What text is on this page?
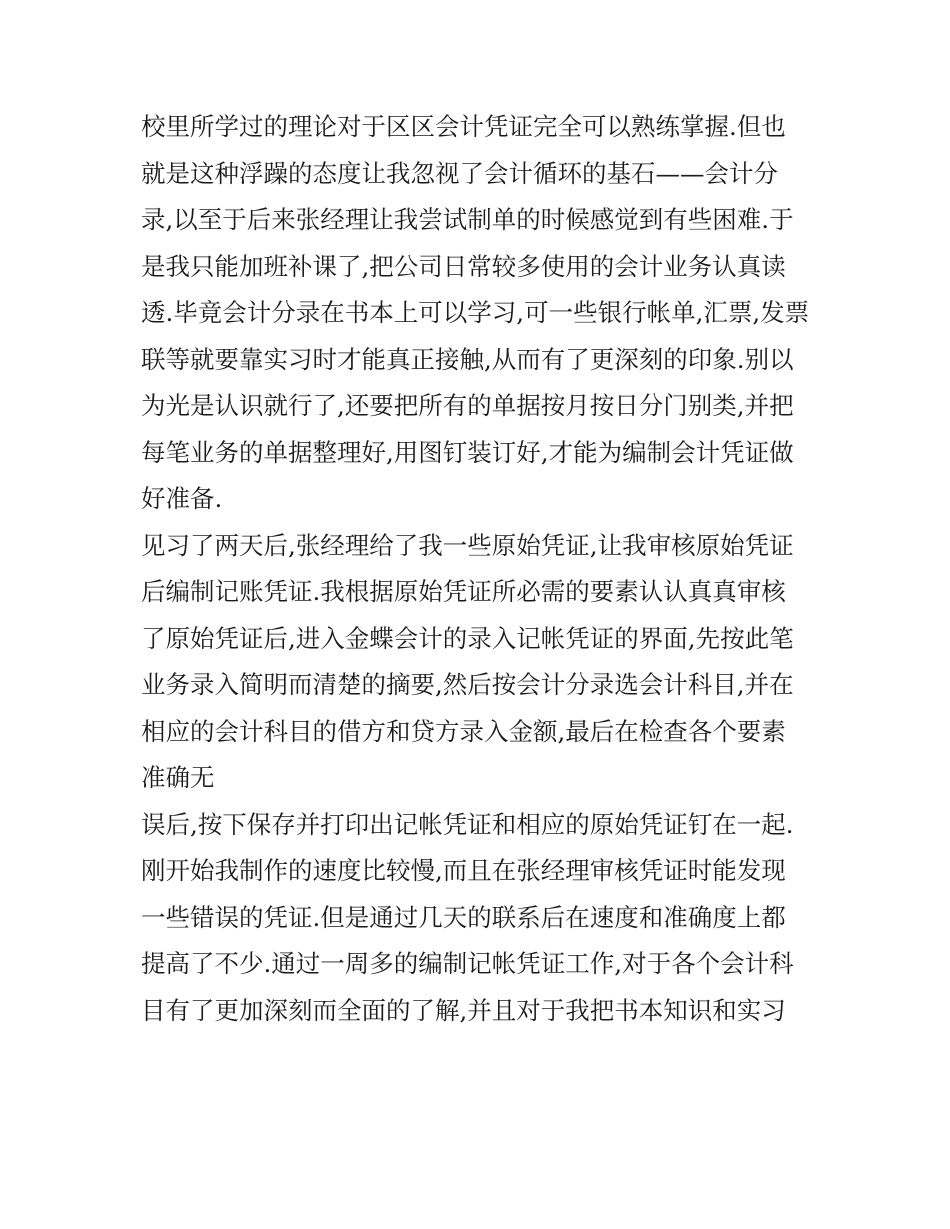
校里所学过的理论对于区区会计凭证完全可以熟练掌握.但也
就是这种浮躁的态度让我忽视了会计循环的基石——会计分
录,以至于后来张经理让我尝试制单的时候感觉到有些困难.于
是我只能加班补课了,把公司日常较多使用的会计业务认真读
透.毕竟会计分录在书本上可以学习,可一些银行帐单,汇票,发票
联等就要靠实习时才能真正接触,从而有了更深刻的印象.别以
为光是认识就行了,还要把所有的单据按月按日分门别类,并把
每笔业务的单据整理好,用图钉装订好,才能为编制会计凭证做
好准备.
见习了两天后,张经理给了我一些原始凭证,让我审核原始凭证
后编制记账凭证.我根据原始凭证所必需的要素认认真真审核
了原始凭证后,进入金蝶会计的录入记帐凭证的界面,先按此笔
业务录入简明而清楚的摘要,然后按会计分录选会计科目,并在
相应的会计科目的借方和贷方录入金额,最后在检查各个要素
准确无
误后,按下保存并打印出记帐凭证和相应的原始凭证钉在一起.
刚开始我制作的速度比较慢,而且在张经理审核凭证时能发现
一些错误的凭证.但是通过几天的联系后在速度和准确度上都
提高了不少.通过一周多的编制记帐凭证工作,对于各个会计科
目有了更加深刻而全面的了解,并且对于我把书本知识和实习
